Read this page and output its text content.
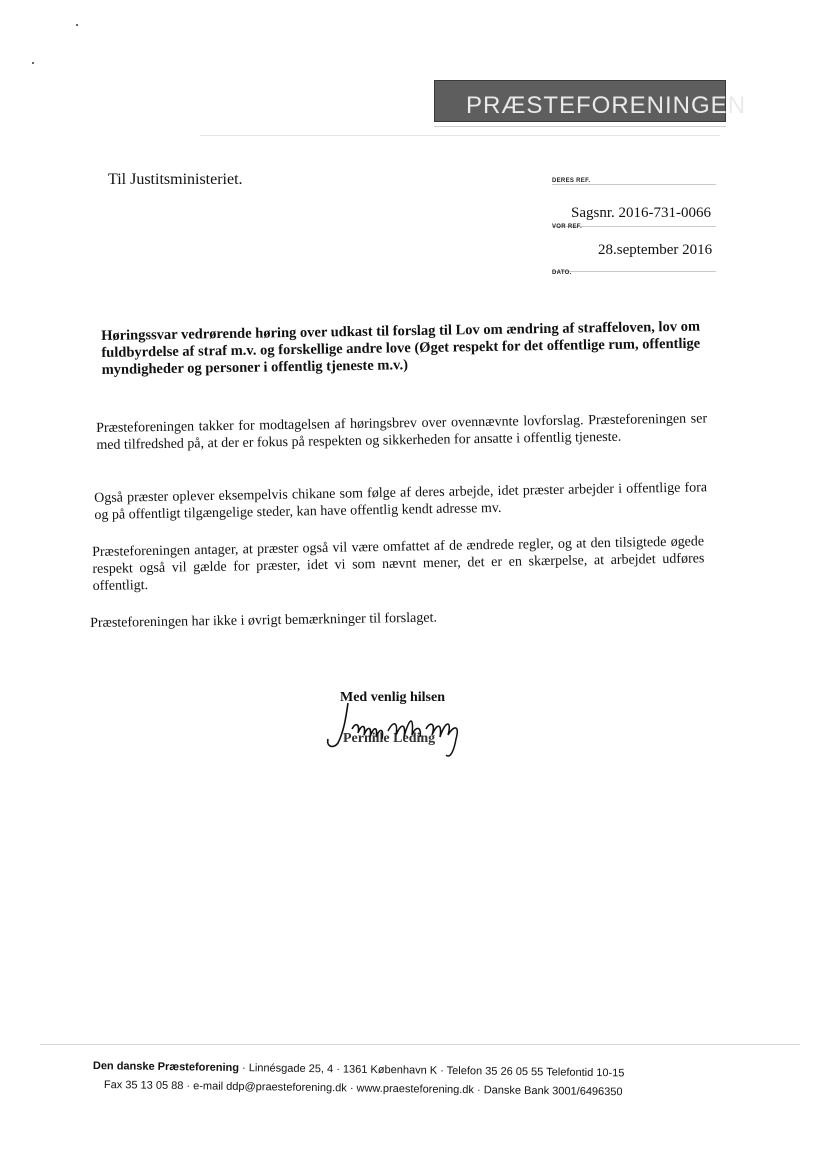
PRÆSTEFORENINGEN
Til Justitsministeriet.	DERES REF.
Sagsnr. 2016-731-0066
VOR REF.
28.september 2016
DATO.
Høringssvar vedrørende høring over udkast til forslag til Lov om ændring af straffeloven, lov om fuldbyrdelse af straf m.v. og forskellige andre love (Øget respekt for det offentlige rum, offentlige myndigheder og personer i offentlig tjeneste m.v.)
Præsteforeningen takker for modtagelsen af høringsbrev over ovennævnte lovforslag. Præsteforeningen ser med tilfredshed på, at der er fokus på respekten og sikkerheden for ansatte i offentlig tjeneste.
Også præster oplever eksempelvis chikane som følge af deres arbejde, idet præster arbejder i offentlige fora og på offentligt tilgængelige steder, kan have offentlig kendt adresse mv.
Præsteforeningen antager, at præster også vil være omfattet af de ændrede regler, og at den tilsigtede øgede respekt også vil gælde for præster, idet vi som nævnt mener, det er en skærpelse, at arbejdet udføres offentligt.
Præsteforeningen har ikke i øvrigt bemærkninger til forslaget.
Med venlig hilsen
Pernille Leding
Den danske Præsteforening · Linnésgade 25, 4 · 1361 København K · Telefon 35 26 05 55 Telefontid 10-15
Fax 35 13 05 88 · e-mail ddp@praesteforening.dk · www.praesteforening.dk · Danske Bank 3001/6496350
